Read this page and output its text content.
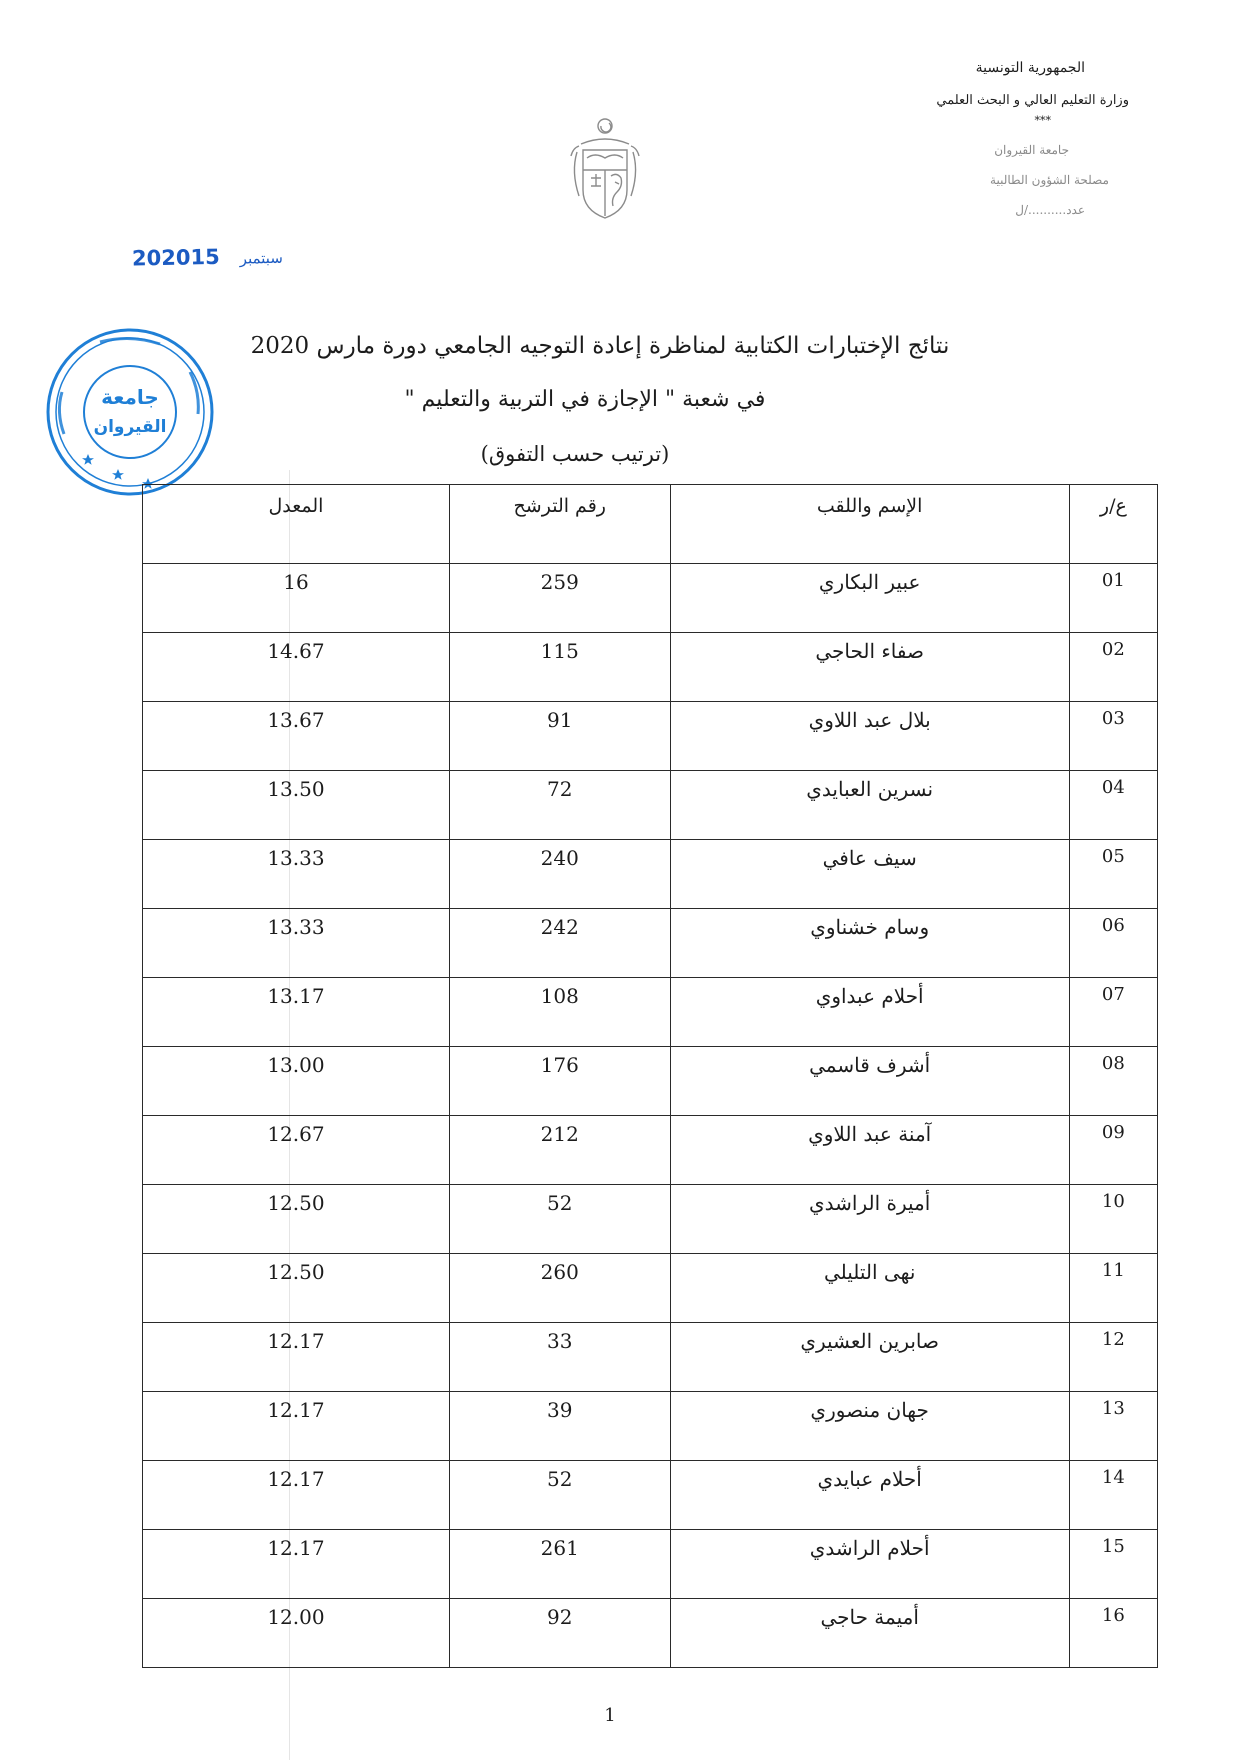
الجمهورية التونسية
وزارة التعليم العالي و البحث العلمي
***
جامعة القيروان
مصلحة الشؤون الطالبية
عدد........../ل
2020	سبتمبر15
جامعة
القيروان
نتائج الإختبارات الكتابية لمناظرة إعادة التوجيه الجامعي دورة مارس 2020
في شعبة " الإجازة في التربية والتعليم "
(ترتيب حسب التفوق)
ع/ر	الإسم واللقب	رقم الترشح	المعدل
01	عبير البكاري	259	16
02	صفاء الحاجي	115	14.67
03	بلال عبد اللاوي	91	13.67
04	نسرين العبايدي	72	13.50
05	سيف عافي	240	13.33
06	وسام خشناوي	242	13.33
07	أحلام عبداوي	108	13.17
08	أشرف قاسمي	176	13.00
09	آمنة عبد اللاوي	212	12.67
10	أميرة الراشدي	52	12.50
11	نهى التليلي	260	12.50
12	صابرين العشيري	33	12.17
13	جهان منصوري	39	12.17
14	أحلام عبايدي	52	12.17
15	أحلام الراشدي	261	12.17
16	أميمة حاجي	92	12.00
1
